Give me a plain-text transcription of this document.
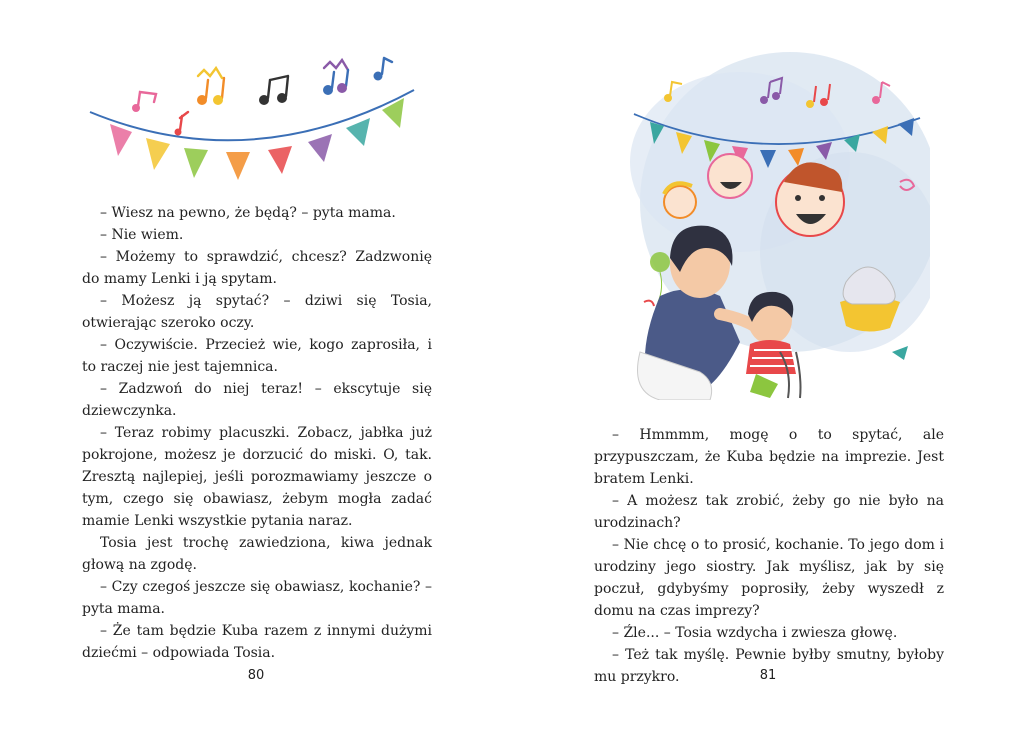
– Wiesz na pewno, że będą? – pyta mama.

– Nie wiem.

– Możemy to sprawdzić, chcesz? Zadzwonię do mamy Lenki i ją spytam.

– Możesz ją spytać? – dziwi się Tosia, otwierając szeroko oczy.

– Oczywiście. Przecież wie, kogo zaprosiła, i to raczej nie jest tajemnica.

– Zadzwoń do niej teraz! – ekscytuje się dziewczynka.

– Teraz robimy placuszki. Zobacz, jabłka już pokrojone, możesz je dorzucić do miski. O, tak. Zresztą najlepiej, jeśli porozmawiamy jeszcze o tym, czego się obawiasz, żebym mogła zadać mamie Lenki wszystkie pytania naraz.

Tosia jest trochę zawiedziona, kiwa jednak głową na zgodę.

– Czy czegoś jeszcze się obawiasz, kochanie? – pyta mama.

– Że tam będzie Kuba razem z innymi dużymi dziećmi – odpowiada Tosia.

80

– Hmmmm, mogę o to spytać, ale przypuszczam, że Kuba będzie na imprezie. Jest bratem Lenki.

– A możesz tak zrobić, żeby go nie było na urodzinach?

– Nie chcę o to prosić, kochanie. To jego dom i urodziny jego siostry. Jak myślisz, jak by się poczuł, gdybyśmy poprosiły, żeby wyszedł z domu na czas imprezy?

– Źle... – Tosia wzdycha i zwiesza głowę.

– Też tak myślę. Pewnie byłby smutny, byłoby mu przykro.	81
